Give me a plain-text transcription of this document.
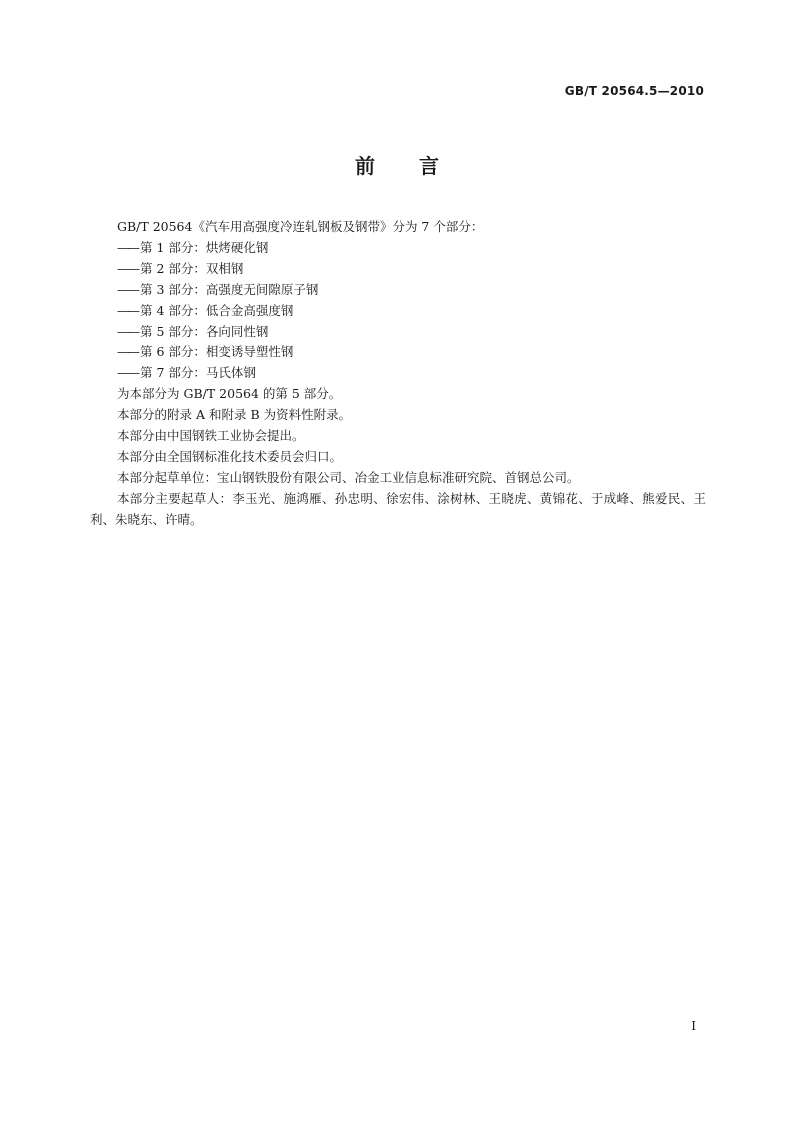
GB/T 20564.5—2010
前言

GB/T 20564《汽车用高强度冷连轧钢板及钢带》分为 7 个部分：

—— 第 1 部分：烘烤硬化钢

—— 第 2 部分：双相钢

—— 第 3 部分：高强度无间隙原子钢

—— 第 4 部分：低合金高强度钢

—— 第 5 部分：各向同性钢

—— 第 6 部分：相变诱导塑性钢

—— 第 7 部分：马氏体钢

为本部分为 GB/T 20564 的第 5 部分。

本部分的附录 A 和附录 B 为资料性附录。

本部分由中国钢铁工业协会提出。

本部分由全国钢标准化技术委员会归口。

本部分起草单位：宝山钢铁股份有限公司、冶金工业信息标准研究院、首钢总公司。

本部分主要起草人：李玉光、施鸿雁、孙忠明、徐宏伟、涂树林、王晓虎、黄锦花、于成峰、熊爱民、王利、朱晓东、许晴。

I
